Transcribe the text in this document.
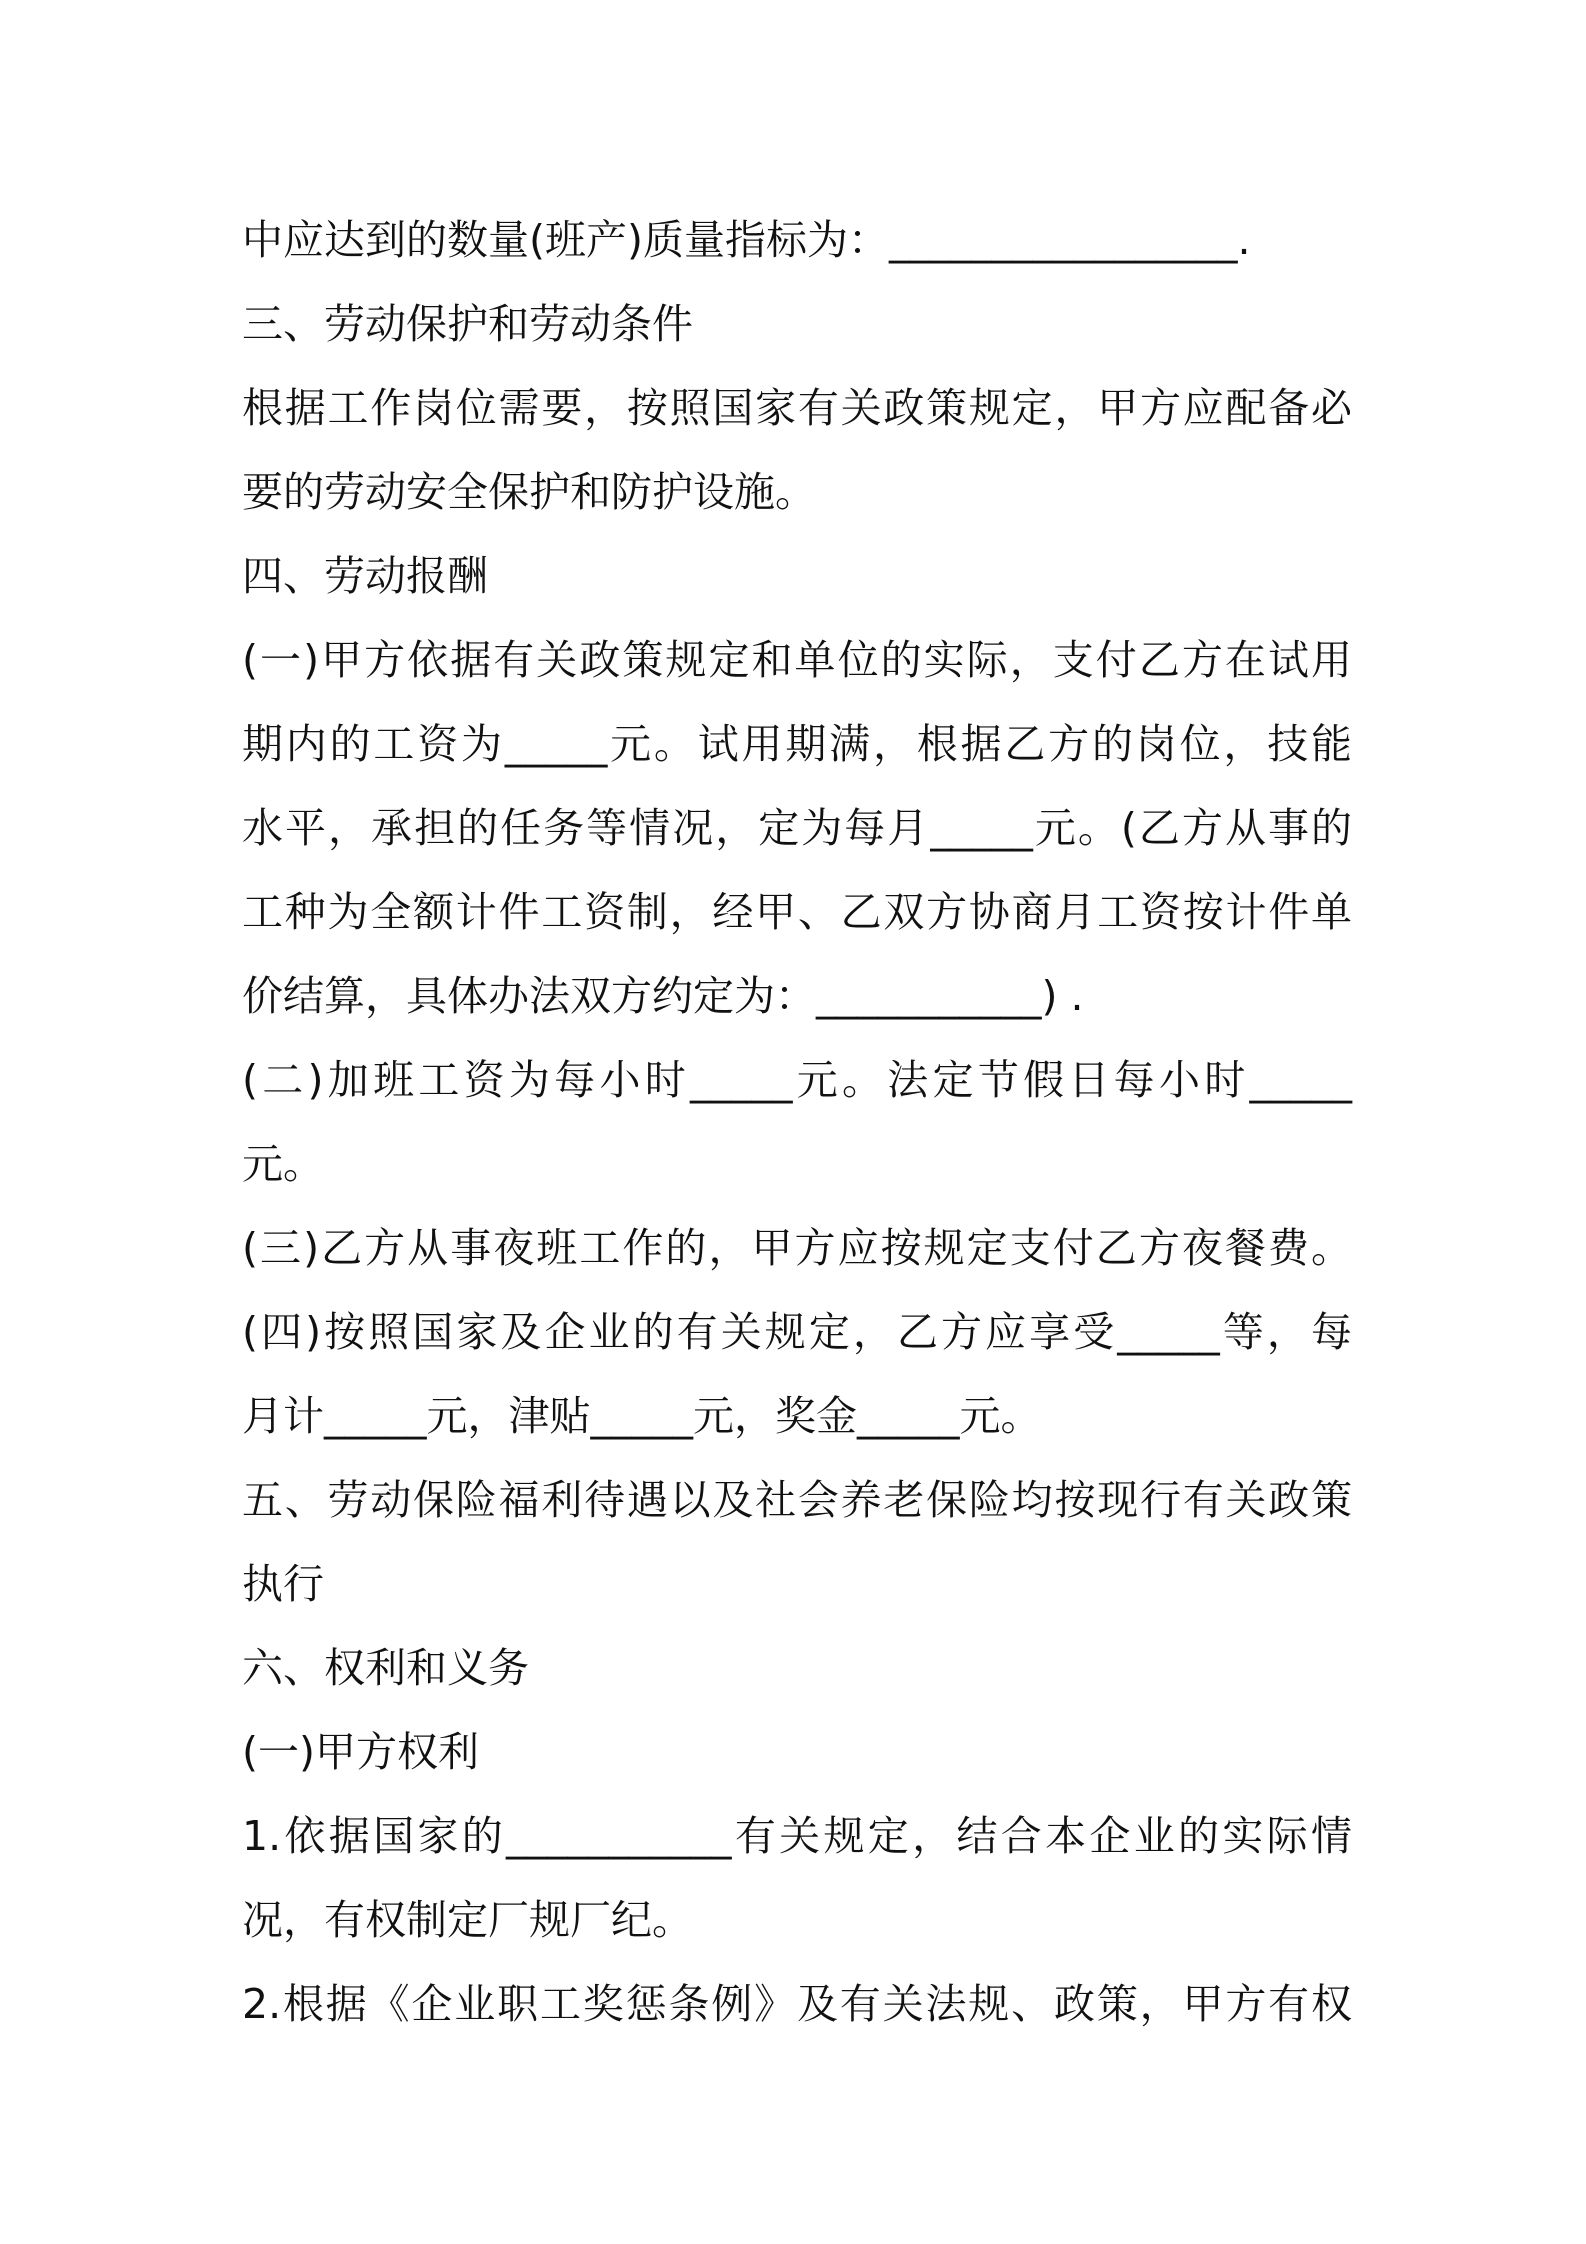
中应达到的数量(班产)质量指标为：_________________.
三、劳动保护和劳动条件
根据工作岗位需要，按照国家有关政策规定，甲方应配备必
要的劳动安全保护和防护设施。
四、劳动报酬
(一)甲方依据有关政策规定和单位的实际，支付乙方在试用
期内的工资为_____元。试用期满，根据乙方的岗位，技能
水平，承担的任务等情况，定为每月_____元。(乙方从事的
工种为全额计件工资制，经甲、乙双方协商月工资按计件单
价结算，具体办法双方约定为：___________) .
(二)加班工资为每小时_____元。法定节假日每小时_____
元。
(三)乙方从事夜班工作的，甲方应按规定支付乙方夜餐费。
(四)按照国家及企业的有关规定，乙方应享受_____等，每
月计_____元，津贴_____元，奖金_____元。
五、劳动保险福利待遇以及社会养老保险均按现行有关政策
执行
六、权利和义务
(一)甲方权利
1.依据国家的___________有关规定，结合本企业的实际情
况，有权制定厂规厂纪。
2.根据《企业职工奖惩条例》及有关法规、政策，甲方有权
